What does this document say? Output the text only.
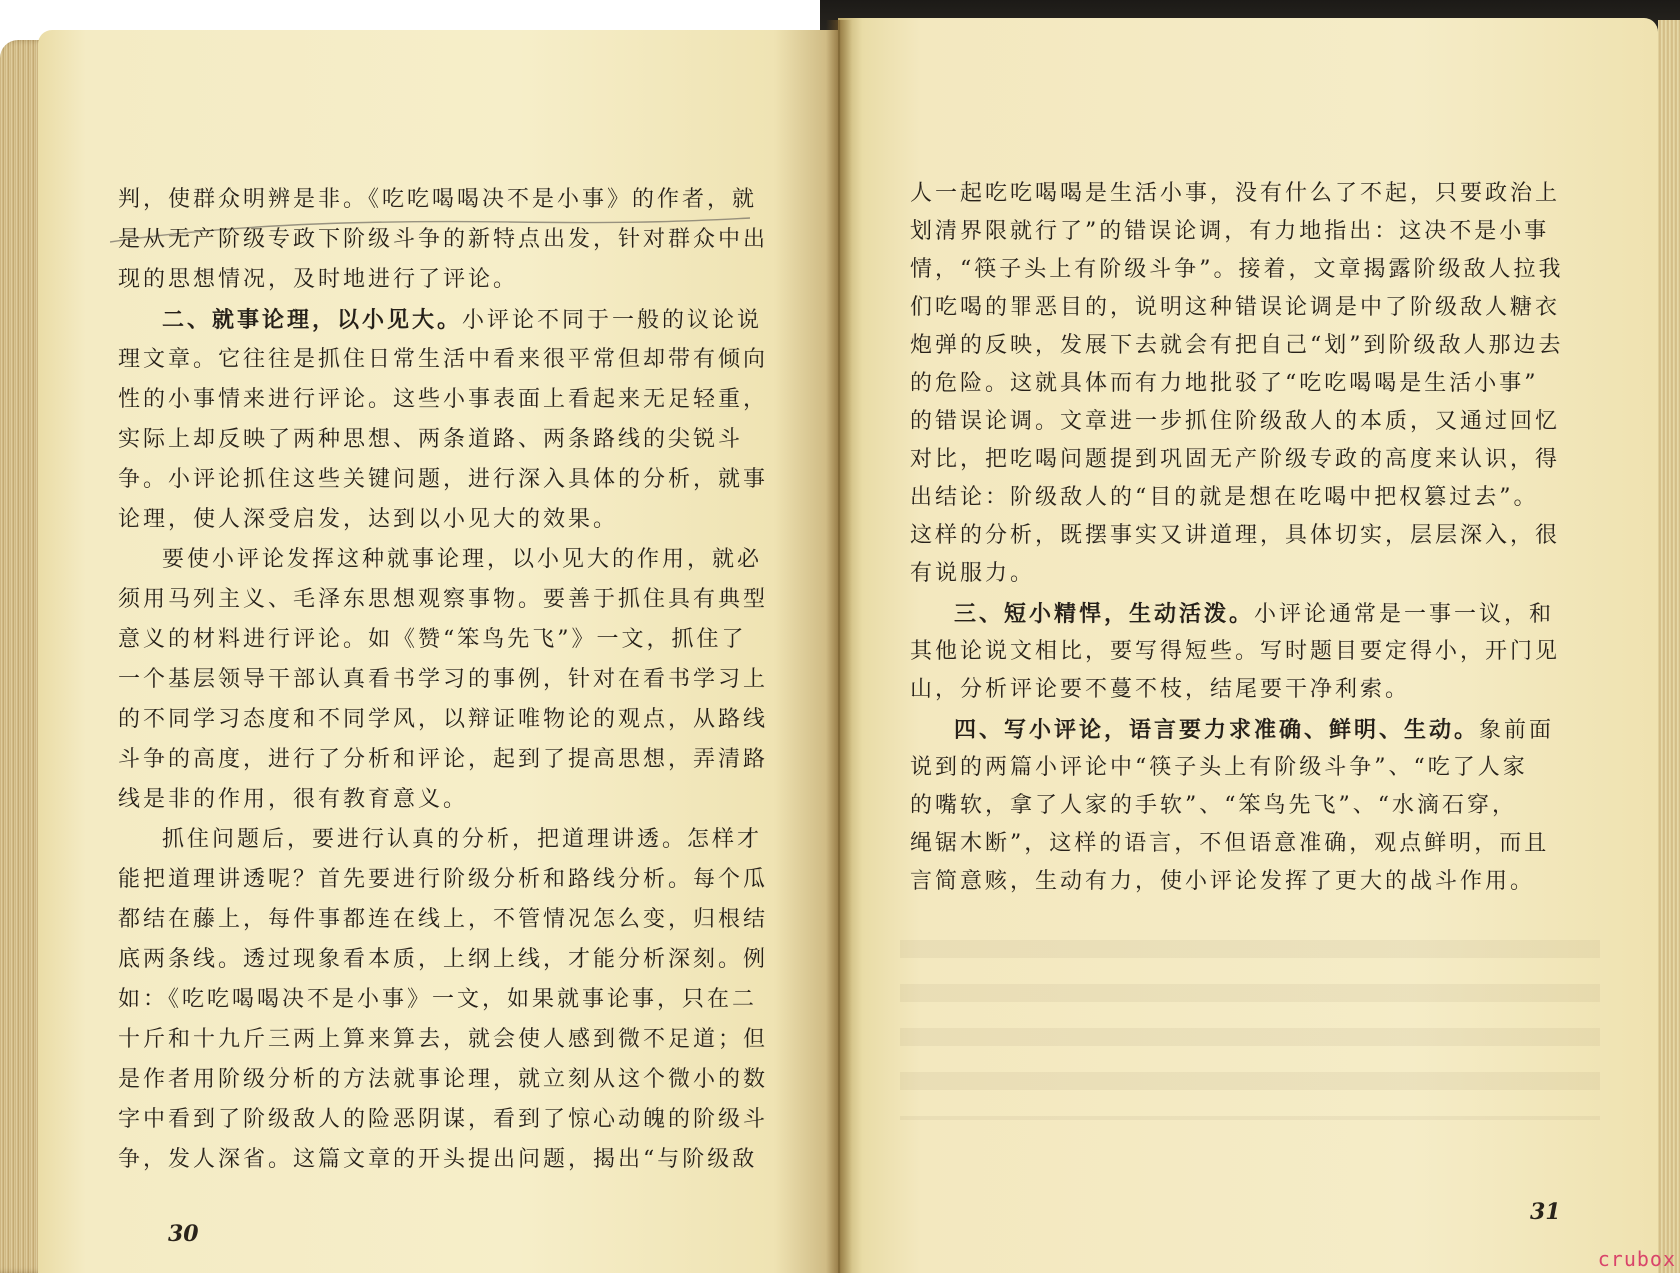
判，使群众明辨是非。《吃吃喝喝决不是小事》的作者，就
是从无产阶级专政下阶级斗争的新特点出发，针对群众中出
现的思想情况，及时地进行了评论。
二、就事论理，以小见大。小评论不同于一般的议论说
理文章。它往往是抓住日常生活中看来很平常但却带有倾向
性的小事情来进行评论。这些小事表面上看起来无足轻重，
实际上却反映了两种思想、两条道路、两条路线的尖锐斗
争。小评论抓住这些关键问题，进行深入具体的分析，就事
论理，使人深受启发，达到以小见大的效果。
要使小评论发挥这种就事论理，以小见大的作用，就必
须用马列主义、毛泽东思想观察事物。要善于抓住具有典型
意义的材料进行评论。如《赞“笨鸟先飞”》一文，抓住了
一个基层领导干部认真看书学习的事例，针对在看书学习上
的不同学习态度和不同学风，以辩证唯物论的观点，从路线
斗争的高度，进行了分析和评论，起到了提高思想，弄清路
线是非的作用，很有教育意义。
抓住问题后，要进行认真的分析，把道理讲透。怎样才
能把道理讲透呢？首先要进行阶级分析和路线分析。每个瓜
都结在藤上，每件事都连在线上，不管情况怎么变，归根结
底两条线。透过现象看本质，上纲上线，才能分析深刻。例
如：《吃吃喝喝决不是小事》一文，如果就事论事，只在二
十斤和十九斤三两上算来算去，就会使人感到微不足道；但
是作者用阶级分析的方法就事论理，就立刻从这个微小的数
字中看到了阶级敌人的险恶阴谋，看到了惊心动魄的阶级斗
争，发人深省。这篇文章的开头提出问题，揭出“与阶级敌
30
人一起吃吃喝喝是生活小事，没有什么了不起，只要政治上
划清界限就行了”的错误论调，有力地指出：这决不是小事
情，“筷子头上有阶级斗争”。接着，文章揭露阶级敌人拉我
们吃喝的罪恶目的，说明这种错误论调是中了阶级敌人糖衣
炮弹的反映，发展下去就会有把自己“划”到阶级敌人那边去
的危险。这就具体而有力地批驳了“吃吃喝喝是生活小事”
的错误论调。文章进一步抓住阶级敌人的本质，又通过回忆
对比，把吃喝问题提到巩固无产阶级专政的高度来认识，得
出结论：阶级敌人的“目的就是想在吃喝中把权篡过去”。
这样的分析，既摆事实又讲道理，具体切实，层层深入，很
有说服力。
三、短小精悍，生动活泼。小评论通常是一事一议，和
其他论说文相比，要写得短些。写时题目要定得小，开门见
山，分析评论要不蔓不枝，结尾要干净利索。
四、写小评论，语言要力求准确、鲜明、生动。象前面
说到的两篇小评论中“筷子头上有阶级斗争”、“吃了人家
的嘴软，拿了人家的手软”、“笨鸟先飞”、“水滴石穿，
绳锯木断”，这样的语言，不但语意准确，观点鲜明，而且
言简意赅，生动有力，使小评论发挥了更大的战斗作用。
31
crubox
